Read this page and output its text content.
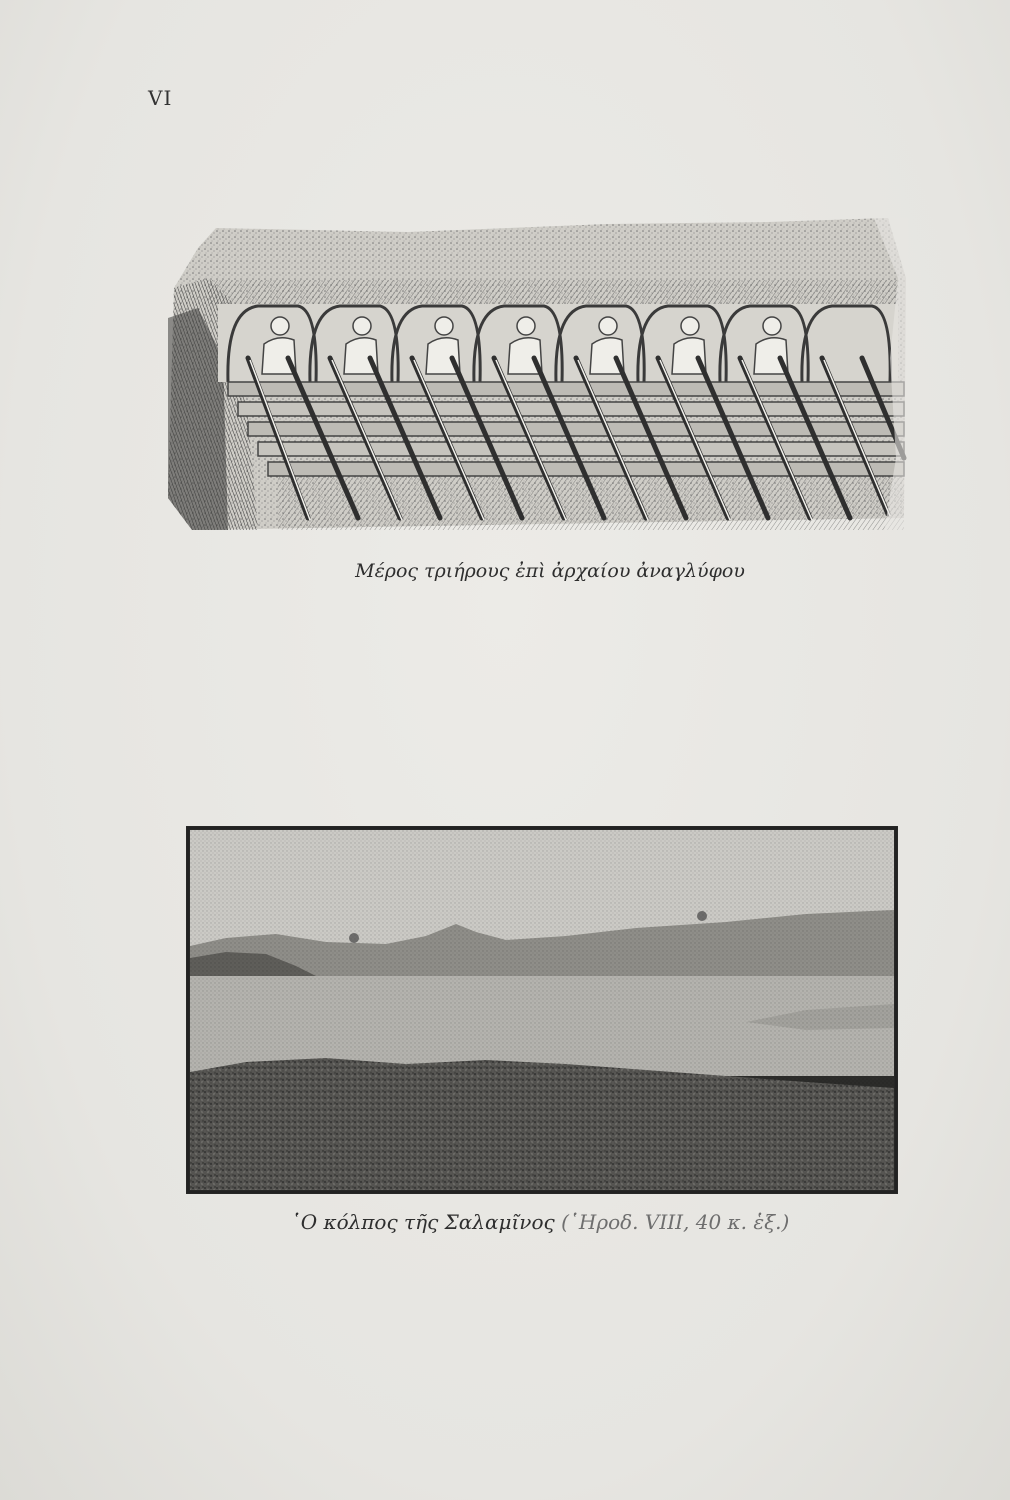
VI
Μέρος τριήρους ἐπὶ ἀρχαίου ἀναγλύφου
῾Ο κόλπος τῆς Σαλαμῖνος (῾Ηροδ. VIII, 40 κ. ἑξ.)
